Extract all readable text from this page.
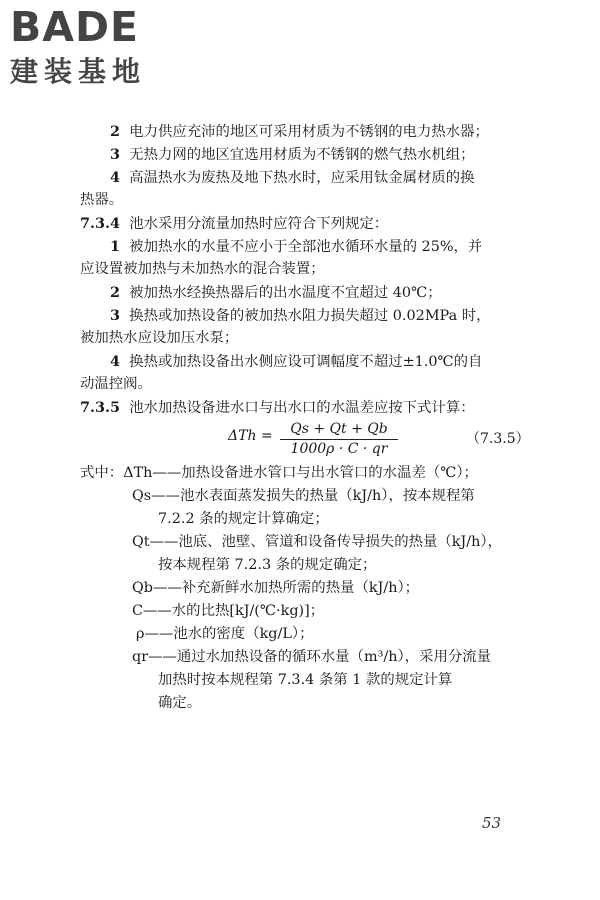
BADE
建装基地
2 电力供应充沛的地区可采用材质为不锈钢的电力热水器；
3 无热力网的地区宜选用材质为不锈钢的燃气热水机组；
4 高温热水为废热及地下热水时，应采用钛金属材质的换
热器。
7.3.4 池水采用分流量加热时应符合下列规定：
1 被加热水的水量不应小于全部池水循环水量的 25%，并
应设置被加热与未加热水的混合装置；
2 被加热水经换热器后的出水温度不宜超过 40℃；
3 换热或加热设备的被加热水阻力损失超过 0.02MPa 时，
被加热水应设加压水泵；
4 换热或加热设备出水侧应设可调幅度不超过±1.0℃的自
动温控阀。
7.3.5 池水加热设备进水口与出水口的水温差应按下式计算：
式中：ΔTh——加热设备进水管口与出水管口的水温差（℃）；
Qs——池水表面蒸发损失的热量（kJ/h），按本规程第
7.2.2 条的规定计算确定；
Qt——池底、池壁、管道和设备传导损失的热量（kJ/h），
按本规程第 7.2.3 条的规定确定；
Qb——补充新鲜水加热所需的热量（kJ/h）；
C——水的比热[kJ/(℃·kg)]；
ρ——池水的密度（kg/L）；
qr——通过水加热设备的循环水量（m³/h），采用分流量
加热时按本规程第 7.3.4 条第 1 款的规定计算
确定。
$\Delta Th = \frac{Qs + Qt + Qb}{1000\rho \cdot C \cdot qr}$	（7.3.5）
53
